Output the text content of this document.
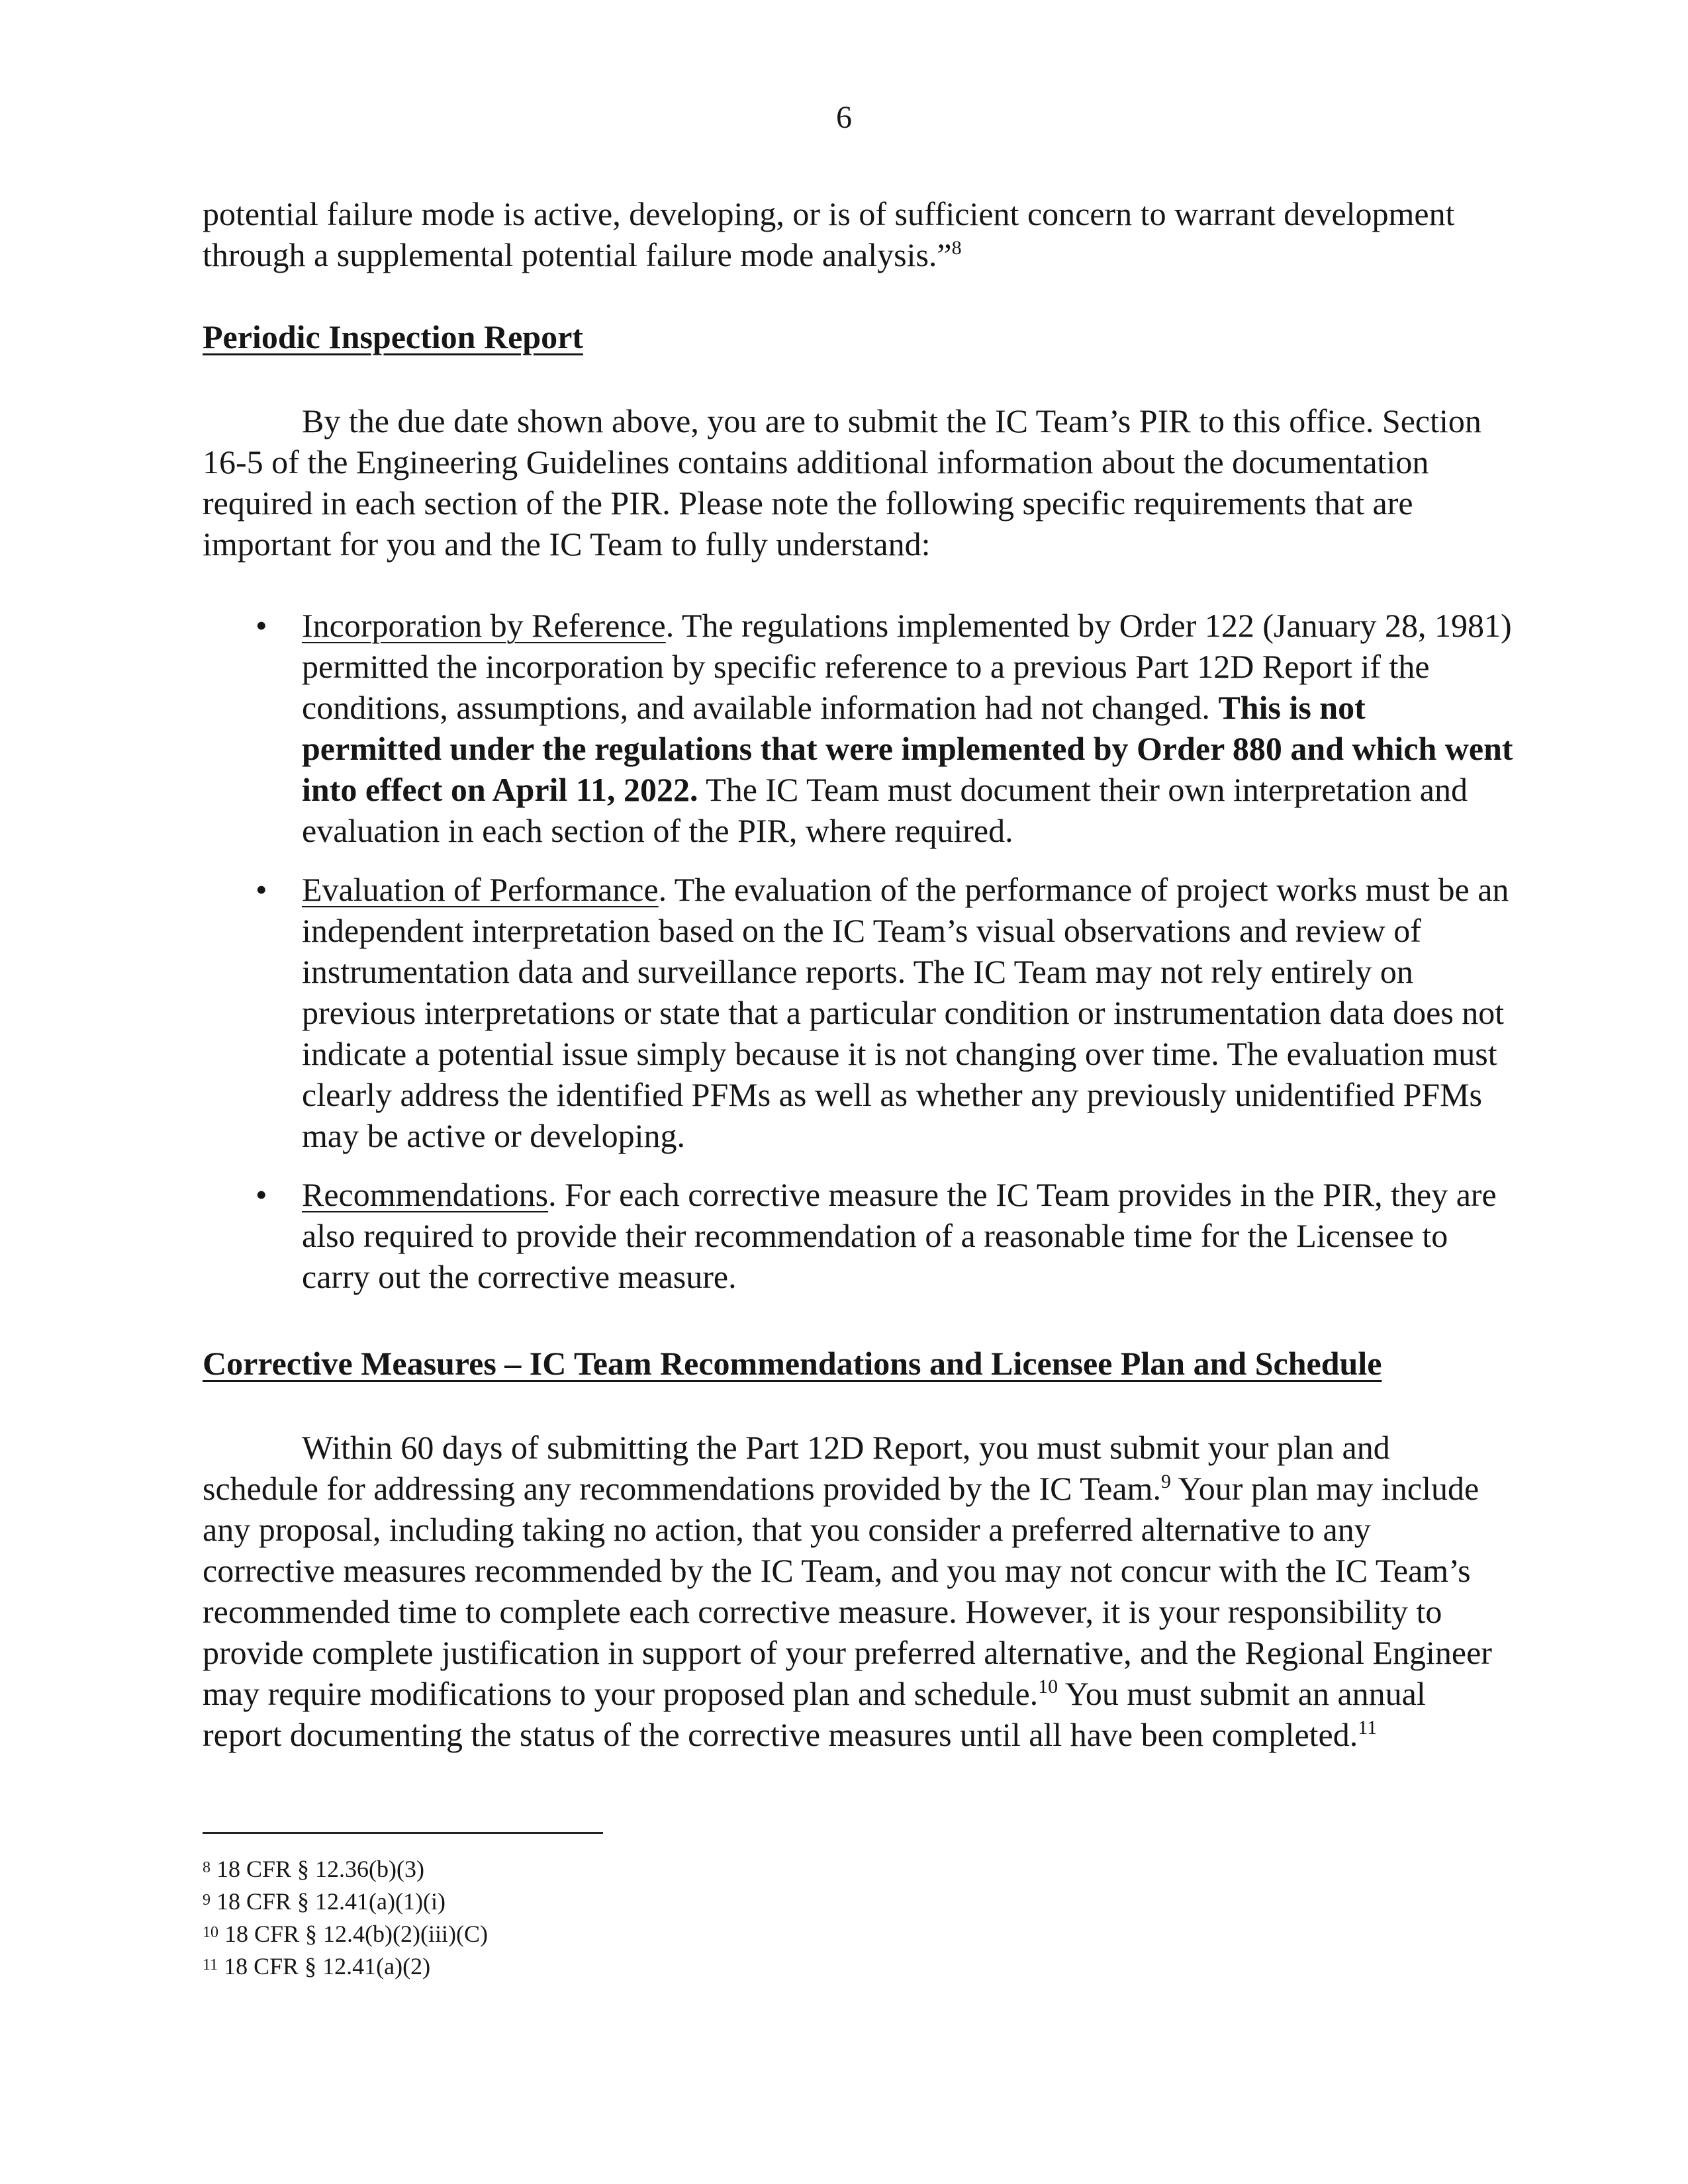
6

potential failure mode is active, developing, or is of sufficient concern to warrant development through a supplemental potential failure mode analysis.”$^8$

Periodic Inspection Report

By the due date shown above, you are to submit the IC Team’s PIR to this office. Section 16-5 of the Engineering Guidelines contains additional information about the documentation required in each section of the PIR. Please note the following specific requirements that are important for you and the IC Team to fully understand:

• Incorporation by Reference. The regulations implemented by Order 122 (January 28, 1981) permitted the incorporation by specific reference to a previous Part 12D Report if the conditions, assumptions, and available information had not changed. This is not permitted under the regulations that were implemented by Order 880 and which went into effect on April 11, 2022. The IC Team must document their own interpretation and evaluation in each section of the PIR, where required.
• Evaluation of Performance. The evaluation of the performance of project works must be an independent interpretation based on the IC Team’s visual observations and review of instrumentation data and surveillance reports. The IC Team may not rely entirely on previous interpretations or state that a particular condition or instrumentation data does not indicate a potential issue simply because it is not changing over time. The evaluation must clearly address the identified PFMs as well as whether any previously unidentified PFMs may be active or developing.
• Recommendations. For each corrective measure the IC Team provides in the PIR, they are also required to provide their recommendation of a reasonable time for the Licensee to carry out the corrective measure.

Corrective Measures – IC Team Recommendations and Licensee Plan and Schedule

Within 60 days of submitting the Part 12D Report, you must submit your plan and schedule for addressing any recommendations provided by the IC Team.$^9$ Your plan may include any proposal, including taking no action, that you consider a preferred alternative to any corrective measures recommended by the IC Team, and you may not concur with the IC Team’s recommended time to complete each corrective measure. However, it is your responsibility to provide complete justification in support of your preferred alternative, and the Regional Engineer may require modifications to your proposed plan and schedule.$^{10}$ You must submit an annual report documenting the status of the corrective measures until all have been completed.$^{11}$

$^8$ 18 CFR § 12.36(b)(3)
$^9$ 18 CFR § 12.41(a)(1)(i)
$^{10}$ 18 CFR § 12.4(b)(2)(iii)(C)
$^{11}$ 18 CFR § 12.41(a)(2)
